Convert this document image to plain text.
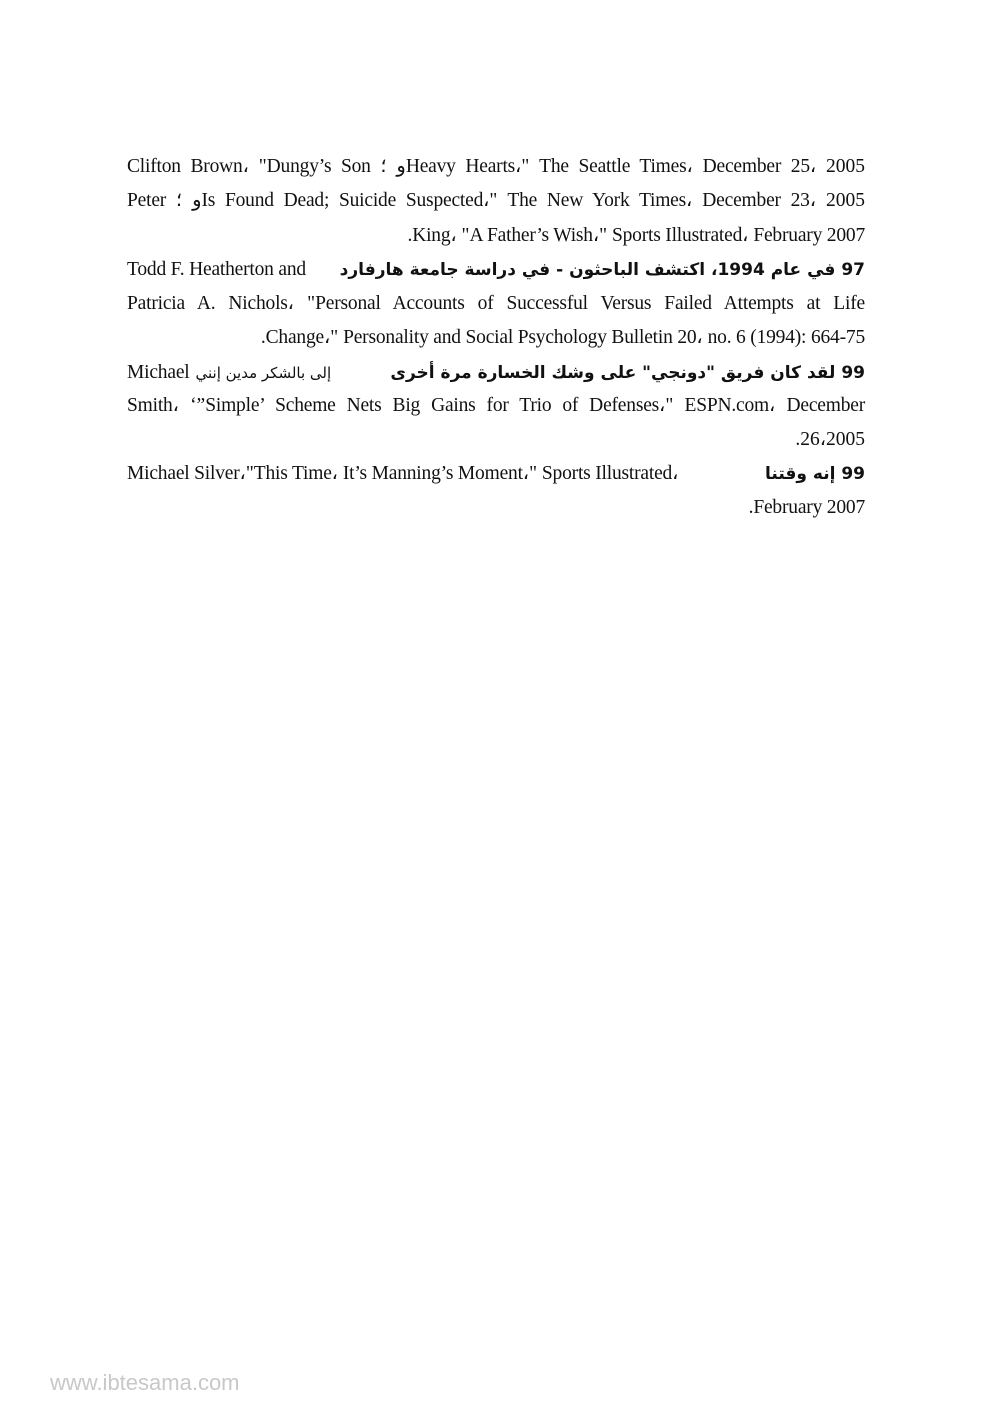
Clifton Brown، "Dungy’s Son و ؛Heavy Hearts،" The Seattle Times، December 25، 2005
Peter و ؛Is Found Dead; Suicide Suspected،" The New York Times، December 23، 2005
.King، "A Father’s Wish،" Sports Illustrated، February 2007
Todd F. Heatherton and 97 في عام 1994، اكتشف الباحثون - في دراسة جامعة هارفارد
Patricia A. Nichols، "Personal Accounts of Successful Versus Failed Attempts at Life
.Change،" Personality and Social Psychology Bulletin 20، no. 6 (1994): 664-75
Michael إلى بالشكر مدين إنني	99 لقد كان فريق "دونجي" على وشك الخسارة مرة أخرى
Smith، ‘”Simple’ Scheme Nets Big Gains for Trio of Defenses،" ESPN.com، December
.26،2005
Michael Silver،"This Time، It’s Manning’s Moment،" Sports Illustrated،	99 إنه وقتنا
.February 2007
www.ibtesama.com
